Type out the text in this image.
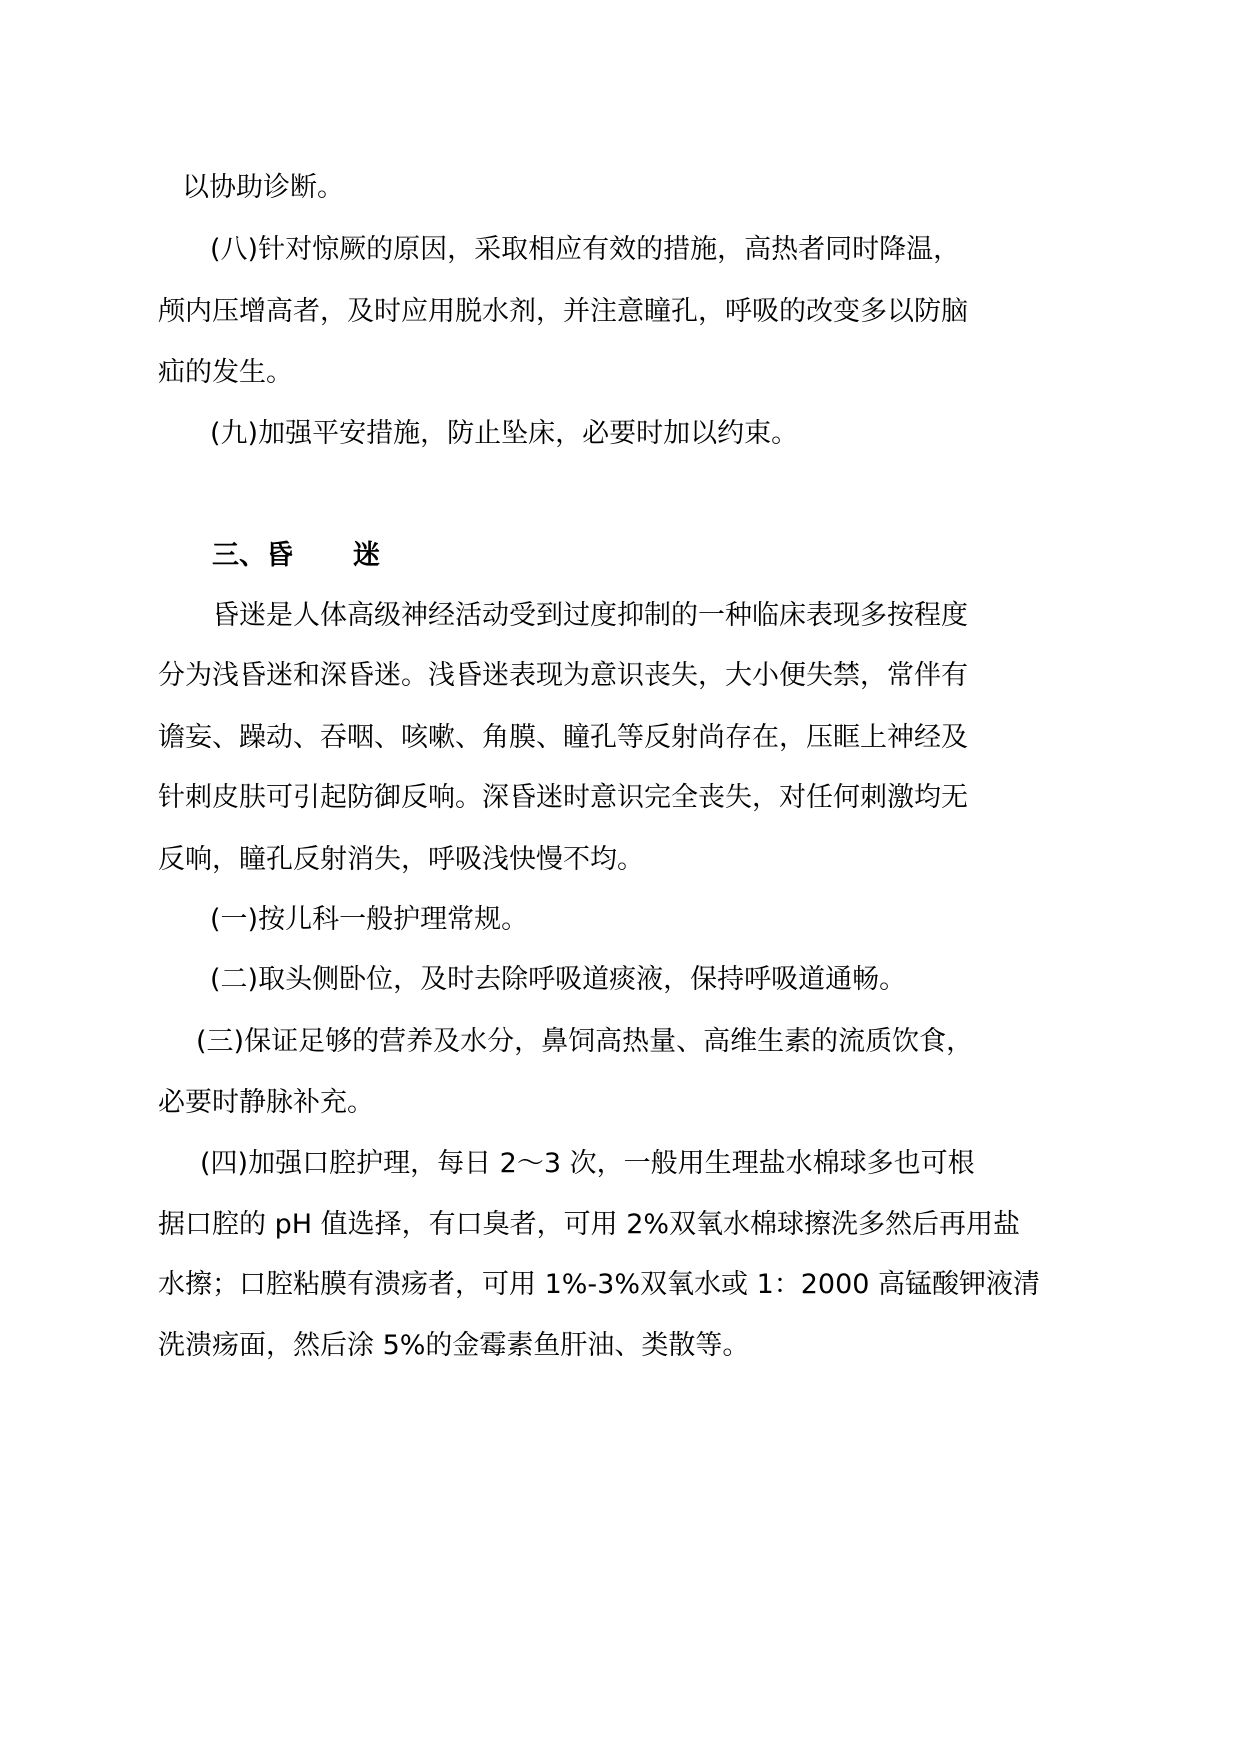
以协助诊断。
(八)针对惊厥的原因，采取相应有效的措施，高热者同时降温，
颅内压增高者，及时应用脱水剂，并注意瞳孔，呼吸的改变多以防脑
疝的发生。
(九)加强平安措施，防止坠床，必要时加以约束。
三、昏 迷
昏迷是人体高级神经活动受到过度抑制的一种临床表现多按程度
分为浅昏迷和深昏迷。浅昏迷表现为意识丧失，大小便失禁，常伴有
谵妄、躁动、吞咽、咳嗽、角膜、瞳孔等反射尚存在，压眶上神经及
针刺皮肤可引起防御反响。深昏迷时意识完全丧失，对任何刺激均无
反响，瞳孔反射消失，呼吸浅快慢不均。
(一)按儿科一般护理常规。
(二)取头侧卧位，及时去除呼吸道痰液，保持呼吸道通畅。
(三)保证足够的营养及水分，鼻饲高热量、高维生素的流质饮食，
必要时静脉补充。
(四)加强口腔护理，每日 2～3 次，一般用生理盐水棉球多也可根
据口腔的 pH 值选择，有口臭者，可用 2%双氧水棉球擦洗多然后再用盐
水擦；口腔粘膜有溃疡者，可用 1%-3%双氧水或 1：2000 高锰酸钾液清
洗溃疡面，然后涂 5%的金霉素鱼肝油、类散等。
